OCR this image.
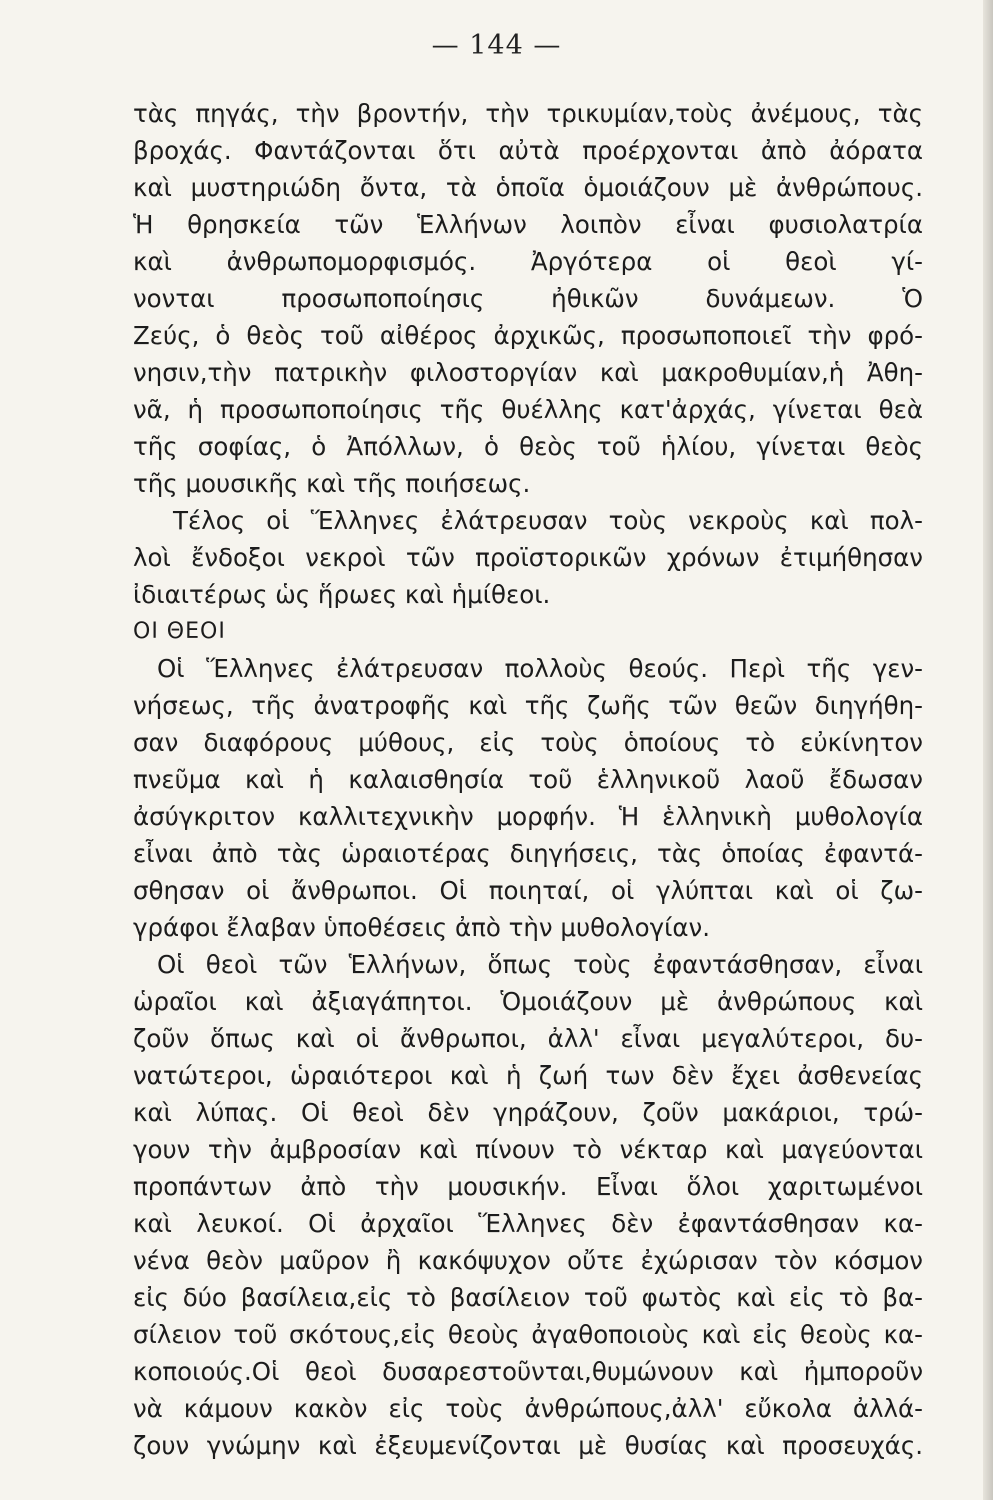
— 144 —
τὰς πηγάς, τὴν βροντήν, τὴν τρικυμίαν,τοὺς ἀνέμους, τὰς
βροχάς. Φαντάζονται ὅτι αὐτὰ προέρχονται ἀπὸ ἀόρατα
καὶ μυστηριώδη ὄντα, τὰ ὁποῖα ὁμοιάζουν μὲ ἀνθρώπους.
Ἡ θρησκεία τῶν Ἑλλήνων λοιπὸν εἶναι φυσιολατρία
καὶ ἀνθρωπομορφισμός. Ἀργότερα οἱ θεοὶ γί-
νονται προσωποποίησις ἠθικῶν δυνάμεων. Ὁ
Ζεύς, ὁ θεὸς τοῦ αἰθέρος ἀρχικῶς, προσωποποιεῖ τὴν φρό-
νησιν,τὴν πατρικὴν φιλοστοργίαν καὶ μακροθυμίαν,ἡ Ἀθη-
νᾶ, ἡ προσωποποίησις τῆς θυέλλης κατ'ἀρχάς, γίνεται θεὰ
τῆς σοφίας, ὁ Ἀπόλλων, ὁ θεὸς τοῦ ἡλίου, γίνεται θεὸς
τῆς μουσικῆς καὶ τῆς ποιήσεως.
Τέλος οἱ Ἕλληνες ἐλάτρευσαν τοὺς νεκροὺς καὶ πολ-
λοὶ ἔνδοξοι νεκροὶ τῶν προϊστορικῶν χρόνων ἐτιμήθησαν
ἰδιαιτέρως ὡς ἥρωες καὶ ἡμίθεοι.
ΟΙ ΘΕΟΙ
Οἱ Ἕλληνες ἐλάτρευσαν πολλοὺς θεούς. Περὶ τῆς γεν-
νήσεως, τῆς ἀνατροφῆς καὶ τῆς ζωῆς τῶν θεῶν διηγήθη-
σαν διαφόρους μύθους, εἰς τοὺς ὁποίους τὸ εὐκίνητον
πνεῦμα καὶ ἡ καλαισθησία τοῦ ἑλληνικοῦ λαοῦ ἔδωσαν
ἀσύγκριτον καλλιτεχνικὴν μορφήν. Ἡ ἑλληνικὴ μυθολογία
εἶναι ἀπὸ τὰς ὡραιοτέρας διηγήσεις, τὰς ὁποίας ἐφαντά-
σθησαν οἱ ἄνθρωποι. Οἱ ποιηταί, οἱ γλύπται καὶ οἱ ζω-
γράφοι ἔλαβαν ὑποθέσεις ἀπὸ τὴν μυθολογίαν.
Οἱ θεοὶ τῶν Ἑλλήνων, ὅπως τοὺς ἐφαντάσθησαν, εἶναι
ὡραῖοι καὶ ἀξιαγάπητοι. Ὁμοιάζουν μὲ ἀνθρώπους καὶ
ζοῦν ὅπως καὶ οἱ ἄνθρωποι, ἀλλ' εἶναι μεγαλύτεροι, δυ-
νατώτεροι, ὡραιότεροι καὶ ἡ ζωή των δὲν ἔχει ἀσθενείας
καὶ λύπας. Οἱ θεοὶ δὲν γηράζουν, ζοῦν μακάριοι, τρώ-
γουν τὴν ἀμβροσίαν καὶ πίνουν τὸ νέκταρ καὶ μαγεύονται
προπάντων ἀπὸ τὴν μουσικήν. Εἶναι ὅλοι χαριτωμένοι
καὶ λευκοί. Οἱ ἀρχαῖοι Ἕλληνες δὲν ἐφαντάσθησαν κα-
νένα θεὸν μαῦρον ἢ κακόψυχον οὔτε ἐχώρισαν τὸν κόσμον
εἰς δύο βασίλεια,εἰς τὸ βασίλειον τοῦ φωτὸς καὶ εἰς τὸ βα-
σίλειον τοῦ σκότους,εἰς θεοὺς ἀγαθοποιοὺς καὶ εἰς θεοὺς κα-
κοποιούς.Οἱ θεοὶ δυσαρεστοῦνται,θυμώνουν καὶ ἠμποροῦν
νὰ κάμουν κακὸν εἰς τοὺς ἀνθρώπους,ἀλλ' εὔκολα ἀλλά-
ζουν γνώμην καὶ ἐξευμενίζονται μὲ θυσίας καὶ προσευχάς.
